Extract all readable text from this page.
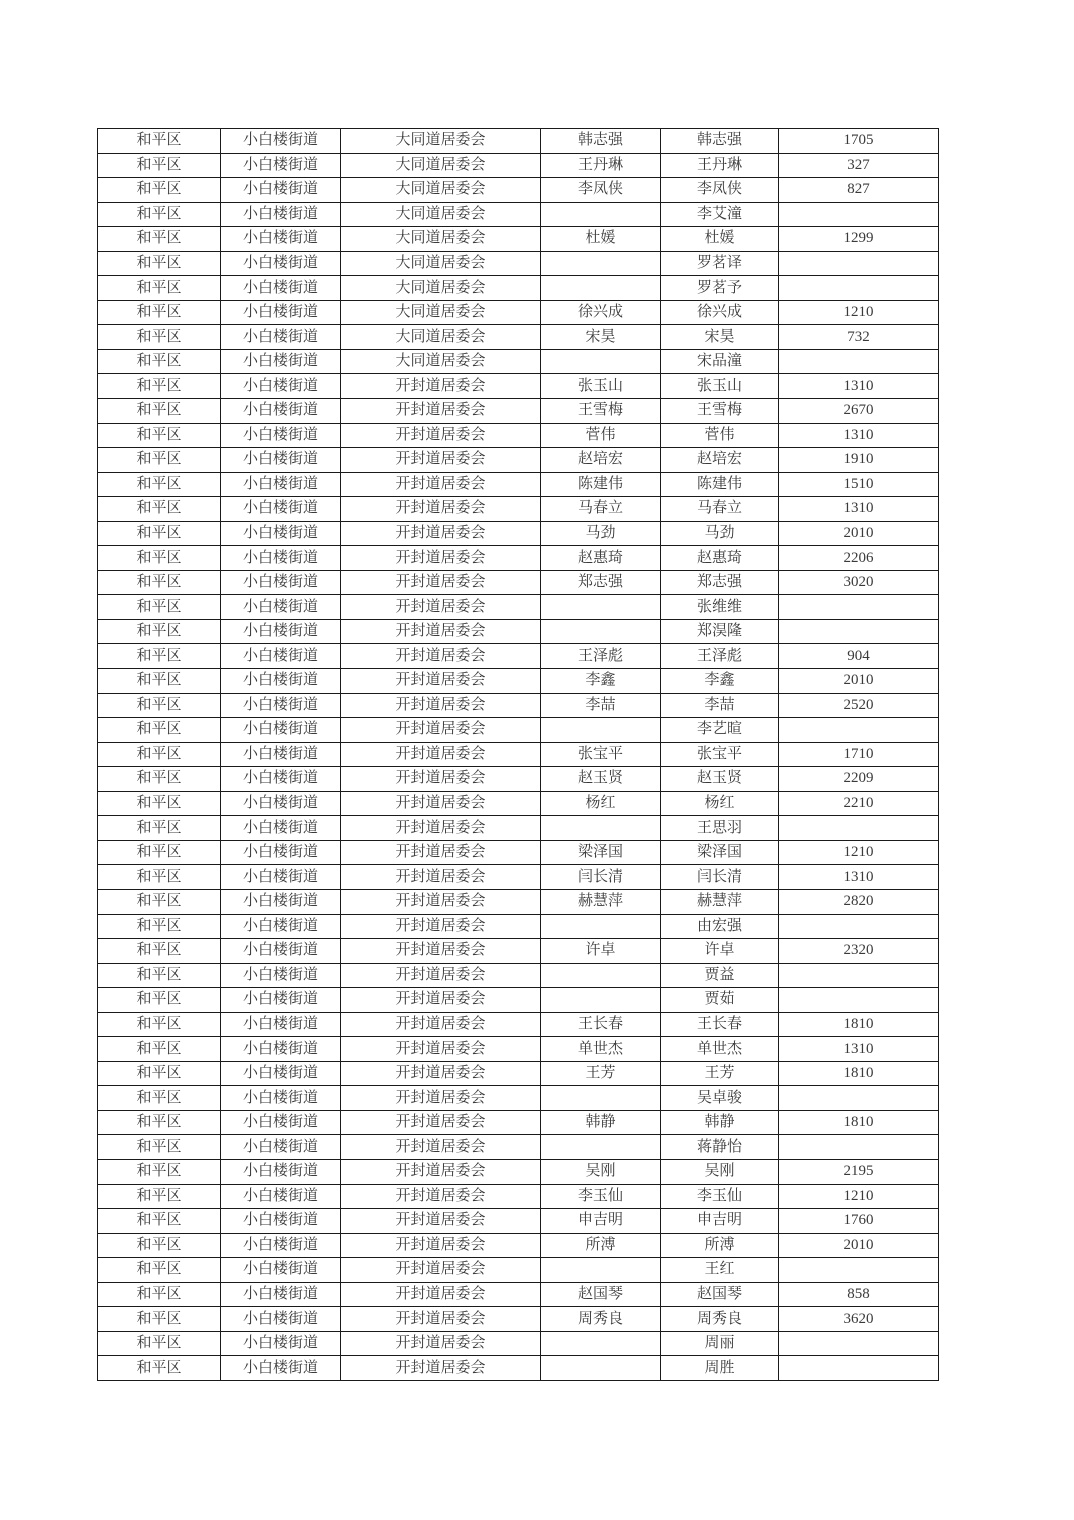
和平区	小白楼街道	大同道居委会	韩志强	韩志强	1705
和平区	小白楼街道	大同道居委会	王丹琳	王丹琳	327
和平区	小白楼街道	大同道居委会	李凤侠	李凤侠	827
和平区	小白楼街道	大同道居委会		李艾潼	
和平区	小白楼街道	大同道居委会	杜媛	杜媛	1299
和平区	小白楼街道	大同道居委会		罗茗译	
和平区	小白楼街道	大同道居委会		罗茗予	
和平区	小白楼街道	大同道居委会	徐兴成	徐兴成	1210
和平区	小白楼街道	大同道居委会	宋昊	宋昊	732
和平区	小白楼街道	大同道居委会		宋品潼	
和平区	小白楼街道	开封道居委会	张玉山	张玉山	1310
和平区	小白楼街道	开封道居委会	王雪梅	王雪梅	2670
和平区	小白楼街道	开封道居委会	菅伟	菅伟	1310
和平区	小白楼街道	开封道居委会	赵培宏	赵培宏	1910
和平区	小白楼街道	开封道居委会	陈建伟	陈建伟	1510
和平区	小白楼街道	开封道居委会	马春立	马春立	1310
和平区	小白楼街道	开封道居委会	马劲	马劲	2010
和平区	小白楼街道	开封道居委会	赵惠琦	赵惠琦	2206
和平区	小白楼街道	开封道居委会	郑志强	郑志强	3020
和平区	小白楼街道	开封道居委会		张维维	
和平区	小白楼街道	开封道居委会		郑淏隆	
和平区	小白楼街道	开封道居委会	王泽彪	王泽彪	904
和平区	小白楼街道	开封道居委会	李鑫	李鑫	2010
和平区	小白楼街道	开封道居委会	李喆	李喆	2520
和平区	小白楼街道	开封道居委会		李艺暄	
和平区	小白楼街道	开封道居委会	张宝平	张宝平	1710
和平区	小白楼街道	开封道居委会	赵玉贤	赵玉贤	2209
和平区	小白楼街道	开封道居委会	杨红	杨红	2210
和平区	小白楼街道	开封道居委会		王思羽	
和平区	小白楼街道	开封道居委会	梁泽国	梁泽国	1210
和平区	小白楼街道	开封道居委会	闫长清	闫长清	1310
和平区	小白楼街道	开封道居委会	赫慧萍	赫慧萍	2820
和平区	小白楼街道	开封道居委会		由宏强	
和平区	小白楼街道	开封道居委会	许卓	许卓	2320
和平区	小白楼街道	开封道居委会		贾益	
和平区	小白楼街道	开封道居委会		贾茹	
和平区	小白楼街道	开封道居委会	王长春	王长春	1810
和平区	小白楼街道	开封道居委会	单世杰	单世杰	1310
和平区	小白楼街道	开封道居委会	王芳	王芳	1810
和平区	小白楼街道	开封道居委会		吴卓骏	
和平区	小白楼街道	开封道居委会	韩静	韩静	1810
和平区	小白楼街道	开封道居委会		蒋静怡	
和平区	小白楼街道	开封道居委会	吴刚	吴刚	2195
和平区	小白楼街道	开封道居委会	李玉仙	李玉仙	1210
和平区	小白楼街道	开封道居委会	申吉明	申吉明	1760
和平区	小白楼街道	开封道居委会	所溥	所溥	2010
和平区	小白楼街道	开封道居委会		王红	
和平区	小白楼街道	开封道居委会	赵国琴	赵国琴	858
和平区	小白楼街道	开封道居委会	周秀良	周秀良	3620
和平区	小白楼街道	开封道居委会		周丽	
和平区	小白楼街道	开封道居委会		周胜	
